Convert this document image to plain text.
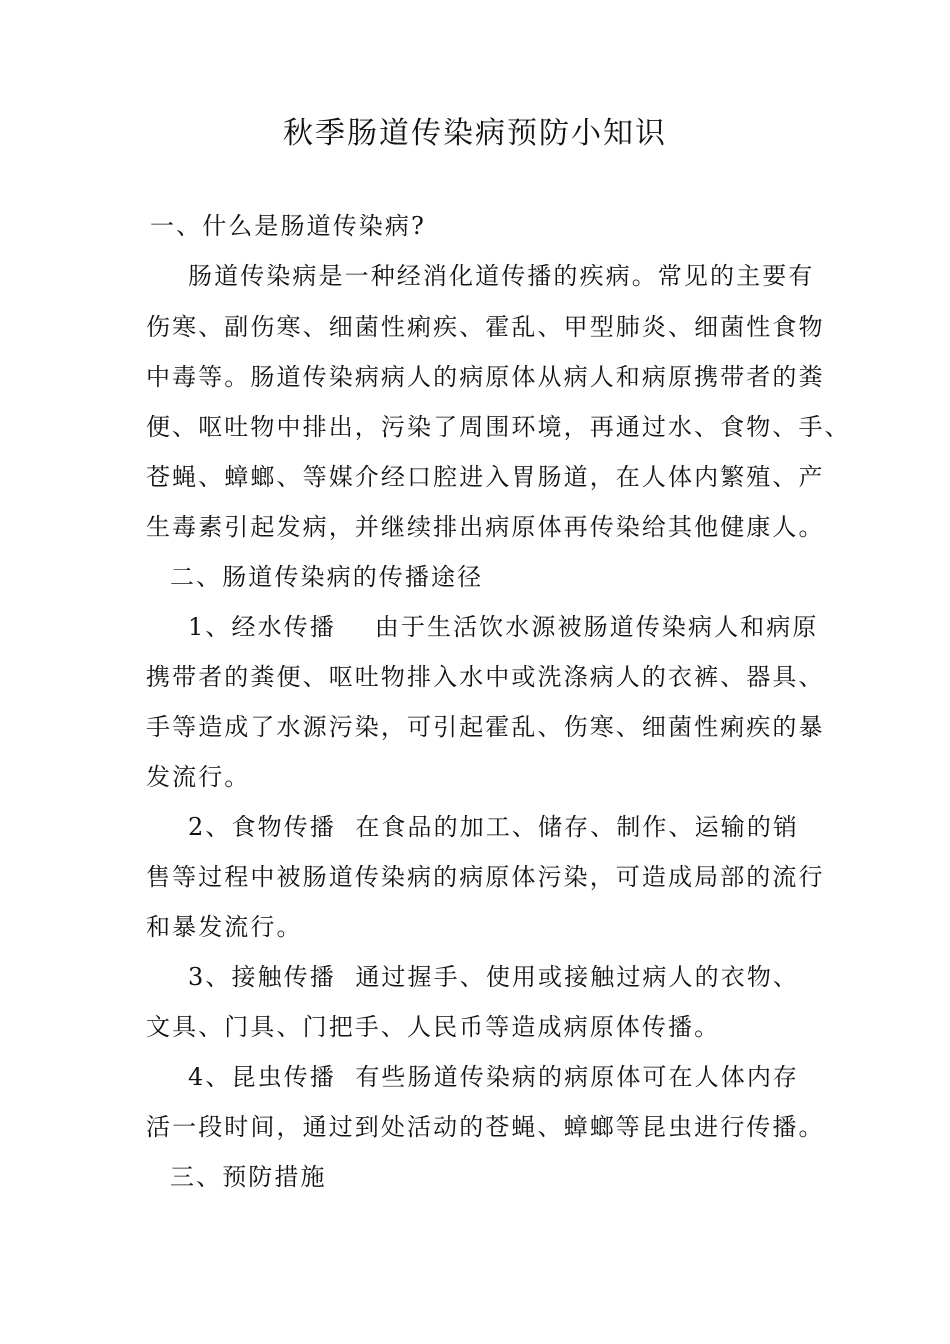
秋季肠道传染病预防小知识

一、什么是肠道传染病?

肠道传染病是一种经消化道传播的疾病。常见的主要有

伤寒、副伤寒、细菌性痢疾、霍乱、甲型肺炎、细菌性食物

中毒等。肠道传染病病人的病原体从病人和病原携带者的粪

便、呕吐物中排出，污染了周围环境，再通过水、食物、手、

苍蝇、蟑螂、等媒介经口腔进入胃肠道，在人体内繁殖、产

生毒素引起发病，并继续排出病原体再传染给其他健康人。

二、肠道传染病的传播途径

1、经水传播    由于生活饮水源被肠道传染病人和病原

携带者的粪便、呕吐物排入水中或洗涤病人的衣裤、器具、

手等造成了水源污染，可引起霍乱、伤寒、细菌性痢疾的暴

发流行。

2、食物传播  在食品的加工、储存、制作、运输的销

售等过程中被肠道传染病的病原体污染，可造成局部的流行

和暴发流行。

3、接触传播  通过握手、使用或接触过病人的衣物、

文具、门具、门把手、人民币等造成病原体传播。

4、昆虫传播  有些肠道传染病的病原体可在人体内存

活一段时间，通过到处活动的苍蝇、蟑螂等昆虫进行传播。

三、预防措施
